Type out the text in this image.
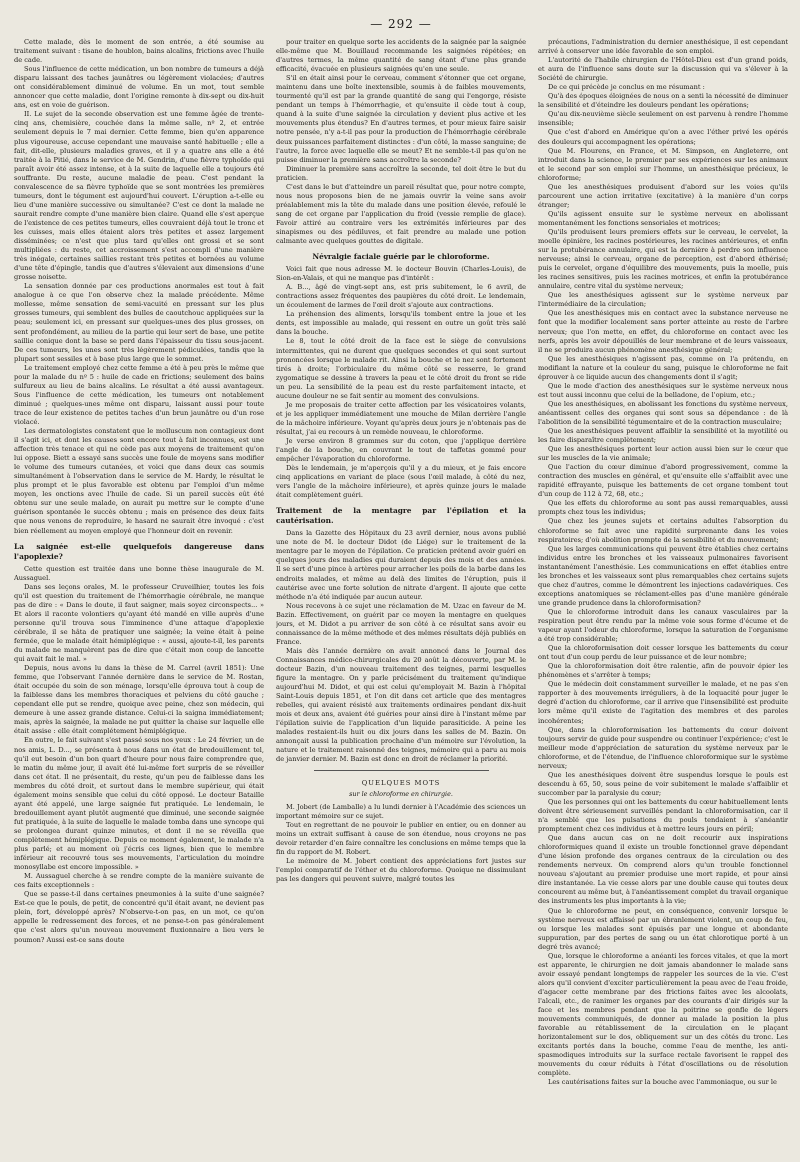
— 292 —

Cette malade, dès le moment de son entrée, a été soumise au traitement suivant : tisane de houblon, bains alcalins, frictions avec l'huile de cade.

Sous l'influence de cette médication, un bon nombre de tumeurs a déjà disparu laissant des taches jaunâtres ou légèrement violacées; d'autres ont considérablement diminué de volume. En un mot, tout semble annoncer que cette maladie, dont l'origine remonte à dix-sept ou dix-huit ans, est en voie de guérison.

II. Le sujet de la seconde observation est une femme âgée de trente-cinq ans, chemisière, couchée dans la même salle, nº 2, et entrée seulement depuis le 7 mai dernier. Cette femme, bien qu'en apparence plus vigoureuse, accuse cependant une mauvaise santé habituelle ; elle a fait, dit-elle, plusieurs maladies graves, et il y a quatre ans elle a été traitée à la Pitié, dans le service de M. Gendrin, d'une fièvre typhoïde qui paraît avoir été assez intense, et à la suite de laquelle elle a toujours été souffrante. Du reste, aucune maladie de peau. C'est pendant la convalescence de sa fièvre typhoïde que se sont montrées les premières tumeurs, dont le tégument est aujourd'hui couvert. L'éruption a-t-elle eu lieu d'une manière successive ou simultanée? C'est ce dont la malade ne saurait rendre compte d'une manière bien claire. Quand elle s'est aperçue de l'existence de ces petites tumeurs, elles couvraient déjà tout le tronc et les cuisses, mais elles étaient alors très petites et assez largement disséminées; ce n'est que plus tard qu'elles ont grossi et se sont multipliées : du reste, cet accroissement s'est accompli d'une manière très inégale, certaines saillies restant très petites et bornées au volume d'une tête d'épingle, tandis que d'autres s'élevaient aux dimensions d'une grosse noisette.

La sensation donnée par ces productions anormales est tout à fait analogue à ce que l'on observe chez la malade précédente. Même mollesse, même sensation de semi-vacuité en pressant sur les plus grosses tumeurs, qui semblent des bulles de caoutchouc appliquées sur la peau; seulement ici, en pressant sur quelques-unes des plus grosses, on sent profondément, au milieu de la partie qui leur sert de base, une petite saillie conique dont la base se perd dans l'épaisseur du tissu sous-jacent. De ces tumeurs, les unes sont très légèrement pédiculées, tandis que la plupart sont sessiles et à base plus large que le sommet.

Le traitement employé chez cette femme a été à peu près le même que pour la malade du nº 5 : huile de cade en frictions; seulement des bains sulfureux au lieu de bains alcalins. Le résultat a été aussi avantageux. Sous l'influence de cette médication, les tumeurs ont notablement diminué ; quelques-unes même ont disparu, laissant aussi pour toute trace de leur existence de petites taches d'un brun jaunâtre ou d'un rose violacé.

Les dermatologistes constatent que le molluscum non contagieux dont il s'agit ici, et dont les causes sont encore tout à fait inconnues, est une affection très tenace et qui ne cède pas aux moyens de traitement qu'on lui oppose. Biett a essayé sans succès une foule de moyens sans modifier le volume des tumeurs cutanées, et voici que dans deux cas soumis simultanément à l'observation dans le service de M. Hardy, le résultat le plus prompt et le plus favorable est obtenu par l'emploi d'un même moyen, les onctions avec l'huile de cade. Si un pareil succès eût été obtenu sur une seule malade, on aurait pu mettre sur le compte d'une guérison spontanée le succès obtenu ; mais en présence des deux faits que nous venons de reproduire, le hasard ne saurait être invoqué : c'est bien réellement au moyen employé que l'honneur doit en revenir.

La saignée est-elle quelquefois dangereuse dans l'apoplexie?

Cette question est traitée dans une bonne thèse inaugurale de M. Aussaguel.

Dans ses leçons orales, M. le professeur Cruveilhier, toutes les fois qu'il est question du traitement de l'hémorrhagie cérébrale, ne manque pas de dire : « Dans le doute, il faut saigner, mais soyez circonspects... » Et alors il raconte volontiers qu'ayant été mandé en ville auprès d'une personne qu'il trouva sous l'imminence d'une attaque d'apoplexie cérébrale, il se hâta de pratiquer une saignée; la veine était à peine fermée, que le malade était hémiplégique : « aussi, ajoute-t-il, les parents du malade ne manquèrent pas de dire que c'était mon coup de lancette qui avait fait le mal. »

Depuis, nous avons lu dans la thèse de M. Carrel (avril 1851): Une femme, que l'observant l'année dernière dans le service de M. Rostan, était occupée du soin de son ménage, lorsqu'elle éprouva tout à coup de la faiblesse dans les membres thoraciques et pelviens du côté gauche ; cependant elle put se rendre, quoique avec peine, chez son médecin, qui demeure à une assez grande distance. Celui-ci la saigna immédiatement; mais, après la saignée, la malade ne put quitter la chaise sur laquelle elle était assise : elle était complétement hémiplégique.

En outre, le fait suivant s'est passé sous nos yeux : Le 24 février, un de nos amis, L. D..., se présenta à nous dans un état de bredouillement tel, qu'il eut besoin d'un bon quart d'heure pour nous faire comprendre que, le matin du même jour, il avait été lui-même fort surpris de se réveiller dans cet état. Il ne présentait, du reste, qu'un peu de faiblesse dans les membres du côté droit, et surtout dans le membre supérieur, qui était également moins sensible que celui du côté opposé. Le docteur Bataille ayant été appelé, une large saignée fut pratiquée. Le lendemain, le bredouillement ayant plutôt augmenté que diminué, une seconde saignée fut pratiquée, à la suite de laquelle le malade tomba dans une syncope qui se prolongea durant quinze minutes, et dont il ne se réveilla que complètement hémiplégique. Depuis ce moment également, le malade n'a plus parlé; et au moment où j'écris ces lignes, bien que le membre inférieur ait recouvré tous ses mouvements, l'articulation du moindre monosyllabe est encore impossible. »

M. Aussaguel cherche à se rendre compte de la manière suivante de ces faits exceptionnels :

Que se passe-t-il dans certaines pneumonies à la suite d'une saignée? Est-ce que le pouls, de petit, de concentré qu'il était avant, ne devient pas plein, fort, développé après? N'observe-t-on pas, en un mot, ce qu'on appelle le redressement des forces, et ne pense-t-on pas généralement que c'est alors qu'un nouveau mouvement fluxionnaire a lieu vers le poumon? Aussi est-ce sans doute

pour traiter en quelque sorte les accidents de la saignée par la saignée elle-même que M. Bouillaud recommande les saignées répétées; en d'autres termes, la même quantité de sang étant d'une plus grande efficacité, évacuée en plusieurs saignées qu'en une seule.

S'il en était ainsi pour le cerveau, comment s'étonner que cet organe, maintenu dans une boîte inextensible, soumis à de faibles mouvements, tourmenté qu'il est par la grande quantité de sang qui l'engorge, résiste pendant un temps à l'hémorrhagie, et qu'ensuite il cède tout à coup, quand à la suite d'une saignée la circulation y devient plus active et les mouvements plus étendus? En d'autres termes, et pour mieux faire saisir notre pensée, n'y a-t-il pas pour la production de l'hémorrhagie cérébrale deux puissances parfaitement distinctes : d'un côté, la masse sanguine; de l'autre, la force avec laquelle elle se meut? Et ne semble-t-il pas qu'on ne puisse diminuer la première sans accroître la seconde?

Diminuer la première sans accroître la seconde, tel doit être le but du praticien.

C'est dans le but d'atteindre un pareil résultat que, pour notre compte, nous nous proposons bien de ne jamais ouvrir la veine sans avoir préalablement mis la tête du malade dans une position élevée, refoulé le sang de cet organe par l'application du froid (vessie remplie de glace). Favoir attiré au contraire vers les extrémités inférieures par des sinapismes ou des pédiluves, et fait prendre au malade une potion calmante avec quelques gouttes de digitale.

Névralgie faciale guérie par le chloroforme.

Voici fait que nous adresse M. le docteur Bouvin (Charles-Louis), de Sion-en-Valais, et qui ne manque pas d'intérêt :

A. B..., âgé de vingt-sept ans, est pris subitement, le 6 avril, de contractions assez fréquentes des paupières du côté droit. Le lendemain, un écoulement de larmes de l'œil droit s'ajoute aux contractions.

La préhension des aliments, lorsqu'ils tombent entre la joue et les dents, est impossible au malade, qui ressent en outre un goût très salé dans la bouche.

Le 8, tout le côté droit de la face est le siège de convulsions intermittentes, qui ne durent que quelques secondes et qui sont surtout prononcées lorsque le malade rit. Ainsi la bouche et le nez sont fortement tirés à droite; l'orbiculaire du même côté se resserre, le grand zygomatique se dessine à travers la peau et le côté droit du front se ride un peu. La sensibilité de la peau est du reste parfaitement intacte, et aucune douleur ne se fait sentir au moment des convulsions.

Je me proposais de traiter cette affection par les vésicatoires volants, et je les appliquer immédiatement une mouche de Milan derrière l'angle de la mâchoire inférieure. Voyant qu'après deux jours je n'obtenais pas de résultat, j'ai eu recours à un remède nouveau, le chloroforme.

Je verse environ 8 grammes sur du coton, que j'applique derrière l'angle de la bouche, en couvrant le tout de taffetas gommé pour empêcher l'évaporation du chloroforme.

Dès le lendemain, je m'aperçois qu'il y a du mieux, et je fais encore cinq applications en variant de place (sous l'œil malade, à côté du nez, vers l'angle de la mâchoire inférieure), et après quinze jours le malade était complètement guéri.

Traitement de la mentagre par l'épilation et la cautérisation.

Dans la Gazette des Hôpitaux du 23 avril dernier, nous avons publié une note de M. le docteur Didot (de Liége) sur le traitement de la mentagre par le moyen de l'épilation. Ce praticien prétend avoir guéri en quelques jours des maladies qui duraient depuis des mois et des années. Il se sert d'une pince à artères pour arracher les poils de la barbe dans les endroits malades, et même au delà des limites de l'éruption, puis il cautérise avec une forte solution de nitrate d'argent. Il ajoute que cette méthode n'a été indiquée par aucun auteur.

Nous recevons à ce sujet une réclamation de M. Uzac en faveur de M. Bazin. Effectivement, on guérit par ce moyen la mentagre en quelques jours, et M. Didot a pu arriver de son côté à ce résultat sans avoir eu connaissance de la même méthode et des mêmes résultats déjà publiés en France.

Mais dès l'année dernière on avait annoncé dans le Journal des Connaissances médico-chirurgicales du 20 août la découverte, par M. le docteur Bazin, d'un nouveau traitement des teignes, parmi lesquelles figure la mentagre. On y parle précisément du traitement qu'indique aujourd'hui M. Didot, et qui est celui qu'employait M. Bazin à l'hôpital Saint-Louis depuis 1851, et l'on dit dans cet article que des mentagres rebelles, qui avaient résisté aux traitements ordinaires pendant dix-huit mois et deux ans, avaient été guéries pour ainsi dire à l'instant même par l'épilation suivie de l'application d'un liquide parasiticide. A peine les malades restaient-ils huit ou dix jours dans les salles de M. Bazin. On annonçait aussi la publication prochaine d'un mémoire sur l'évolution, la nature et le traitement raisonné des teignes, mémoire qui a paru au mois de janvier dernier. M. Bazin est donc en droit de réclamer la priorité.

QUELQUES MOTS
sur le chloroforme en chirurgie.

M. Jobert (de Lamballe) a lu lundi dernier à l'Académie des sciences un important mémoire sur ce sujet.

Tout en regrettant de ne pouvoir le publier en entier, ou en donner au moins un extrait suffisant à cause de son étendue, nous croyons ne pas devoir retarder d'en faire connaître les conclusions en même temps que la fin du rapport de M. Robert.

Le mémoire de M. Jobert contient des appréciations fort justes sur l'emploi comparatif de l'éther et du chloroforme. Quoique ne dissimulant pas les dangers qui peuvent suivre, malgré toutes les

précautions, l'administration du dernier anesthésique, il est cependant arrivé à conserver une idée favorable de son emploi.

L'autorité de l'habile chirurgien de l'Hôtel-Dieu est d'un grand poids, et aura de l'influence sans doute sur la discussion qui va s'élever à la Société de chirurgie.

De ce qui précède je conclus en me résumant :

Qu'à des époques éloignées de nous on a senti la nécessité de diminuer la sensibilité et d'éteindre les douleurs pendant les opérations;

Qu'au dix-neuvième siècle seulement on est parvenu à rendre l'homme insensible;

Que c'est d'abord en Amérique qu'on a avec l'éther privé les opérés des douleurs qui accompagnent les opérations;

Que M. Flourens, en France, et M. Simpson, en Angleterre, ont introduit dans la science, le premier par ses expériences sur les animaux et le second par son emploi sur l'homme, un anesthésique précieux, le chloroforme;

Que les anesthésiques produisent d'abord sur les voies qu'ils parcourent une action irritative (excitative) à la manière d'un corps étranger;

Qu'ils agissent ensuite sur le système nerveux en abolissant momentanément les fonctions sensoriales et motrices;

Qu'ils produisent leurs premiers effets sur le cerveau, le cervelet, la moelle épinière, les racines postérieures, les racines antérieures, et enfin sur la protubérance annulaire, qui est la dernière à perdre son influence nerveuse; ainsi le cerveau, organe de perception, est d'abord éthérisé; puis le cervelet, organe d'équilibre des mouvements, puis la moelle, puis les racines sensitives, puis les racines motrices, et enfin la protubérance annulaire, centre vital du système nerveux;

Que les anesthésiques agissent sur le système nerveux par l'intermédiaire de la circulation;

Que les anesthésiques mis en contact avec la substance nerveuse ne font que la modifier localement sans porter atteinte au reste de l'arbre nerveux; que l'on mette, en effet, du chloroforme en contact avec les nerfs, après les avoir dépouillés de leur membrane et de leurs vaisseaux, il ne se produira aucun phénomène anesthésique général;

Que les anesthésiques n'agissent pas, comme on l'a prétendu, en modifiant la nature et la couleur du sang, puisque le chloroforme ne fait éprouver à ce liquide aucun des changements dont il s'agit;

Que le mode d'action des anesthésiques sur le système nerveux nous est tout aussi inconnu que celui de la belladone, de l'opium, etc.;

Que les anesthésiques, en abolissant les fonctions du système nerveux, anéantissent celles des organes qui sont sous sa dépendance : de là l'abolition de la sensibilité tégumentaire et de la contraction musculaire;

Que les anesthésiques peuvent affaiblir la sensibilité et la myotilité ou les faire disparaître complètement;

Que les anesthésiques portent leur action aussi bien sur le cœur que sur les muscles de la vie animale;

Que l'action du cœur diminue d'abord progressivement, comme la contraction des muscles en général, et qu'ensuite elle s'affaiblit avec une rapidité effrayante, puisque les battements de cet organe tombent tout d'un coup de 112 à 72, 68, etc.;

Que les effets du chloroforme au sont pas aussi remarquables, aussi prompts chez tous les individus;

Que chez les jeunes sujets et certains adultes l'absorption du chloroforme se fait avec une rapidité surprenante dans les voies respiratoires; d'où abolition prompte de la sensibilité et du mouvement;

Que les larges communications qui peuvent être établies chez certains individus entre les bronches et les vaisseaux pulmonaires favorisent instantanément l'anesthésie. Les communications en effet établies entre les bronches et les vaisseaux sont plus remarquables chez certains sujets que chez d'autres, comme le démontrent les injections cadavériques. Ces exceptions anatomiques se réclament-elles pas d'une manière générale une grande prudence dans la chloroformisation?

Que le chloroforme introduit dans les canaux vasculaires par la respiration peut être rendu par la même voie sous forme d'écume et de vapeur ayant l'odeur du chloroforme, lorsque la saturation de l'organisme a été trop considérable;

Que la chloroformisation doit cesser lorsque les battements du cœur ont tout d'un coup perdu de leur puissance et de leur nombre;

Que la chloroformisation doit être ralentie, afin de pouvoir épier les phénomènes et s'arrêter à temps;

Que le médecin doit constamment surveiller le malade, et ne pas s'en rapporter à des mouvements irréguliers, à de la loquacité pour juger le degré d'action du chloroforme, car il arrive que l'insensibilité est produite lors même qu'il existe de l'agitation des membres et des paroles incohérentes;

Que, dans la chloroformisation les battements du cœur doivent toujours servir de guide pour suspendre ou continuer l'expérience; c'est le meilleur mode d'appréciation de saturation du système nerveux par le chloroforme, et de l'étendue, de l'influence chloroformique sur le système nerveux;

Que les anesthésiques doivent être suspendus lorsque le pouls est descendu à 65, 50, sous peine de voir subitement le malade s'affaiblir et succomber par la paralysie du cœur;

Que les personnes qui ont les battements du cœur habituellement lents doivent être sérieusement surveillés pendant la chloroformisation, car il n'a semblé que les pulsations du pouls tendaient à s'anéantir promptement chez ces individus et à mettre leurs jours en péril;

Que dans aucun cas on ne doit recourir aux inspirations chloroformiques quand il existe un trouble fonctionnel grave dépendant d'une lésion profonde des organes centraux de la circulation ou des rendements nerveux. On comprend alors qu'un trouble fonctionnel nouveau s'ajoutant au premier produise une mort rapide, et pour ainsi dire instantanée. La vie cesse alors par une double cause qui toutes deux concourent au même but, à l'anéantissement complet du travail organique des instruments les plus importants à la vie;

Que le chloroforme ne peut, en conséquence, convenir lorsque le système nerveux est affaissé par un ébranlement violent, un coup de feu, ou lorsque les malades sont épuisés par une longue et abondante suppuration, par des pertes de sang ou un état chlorotique porté à un degré très avancé;

Que, lorsque le chloroforme a anéanti les forces vitales, et que la mort est apparente, le chirurgien ne doit jamais abandonner le malade sans avoir essayé pendant longtemps de rappeler les sources de la vie. C'est alors qu'il convient d'exciter particulièrement la peau avec de l'eau froide, d'agacer cette membrane par des frictions faites avec les alcoolats, l'alcali, etc., de ranimer les organes par des courants d'air dirigés sur la face et les membres pendant que la poitrine se gonfle de légers mouvements communiqués, de donner au malade la position la plus favorable au rétablissement de la circulation en le plaçant horizontalement sur le dos, obliquement sur un des côtés du tronc. Les excitants portés dans la bouche, comme l'eau de menthe, les anti-spasmodiques introduits sur la surface rectale favorisent le rappel des mouvements du cœur réduits à l'état d'oscillations ou de résolution complète.

Les cautérisations faites sur la bouche avec l'ammoniaque, ou sur le
